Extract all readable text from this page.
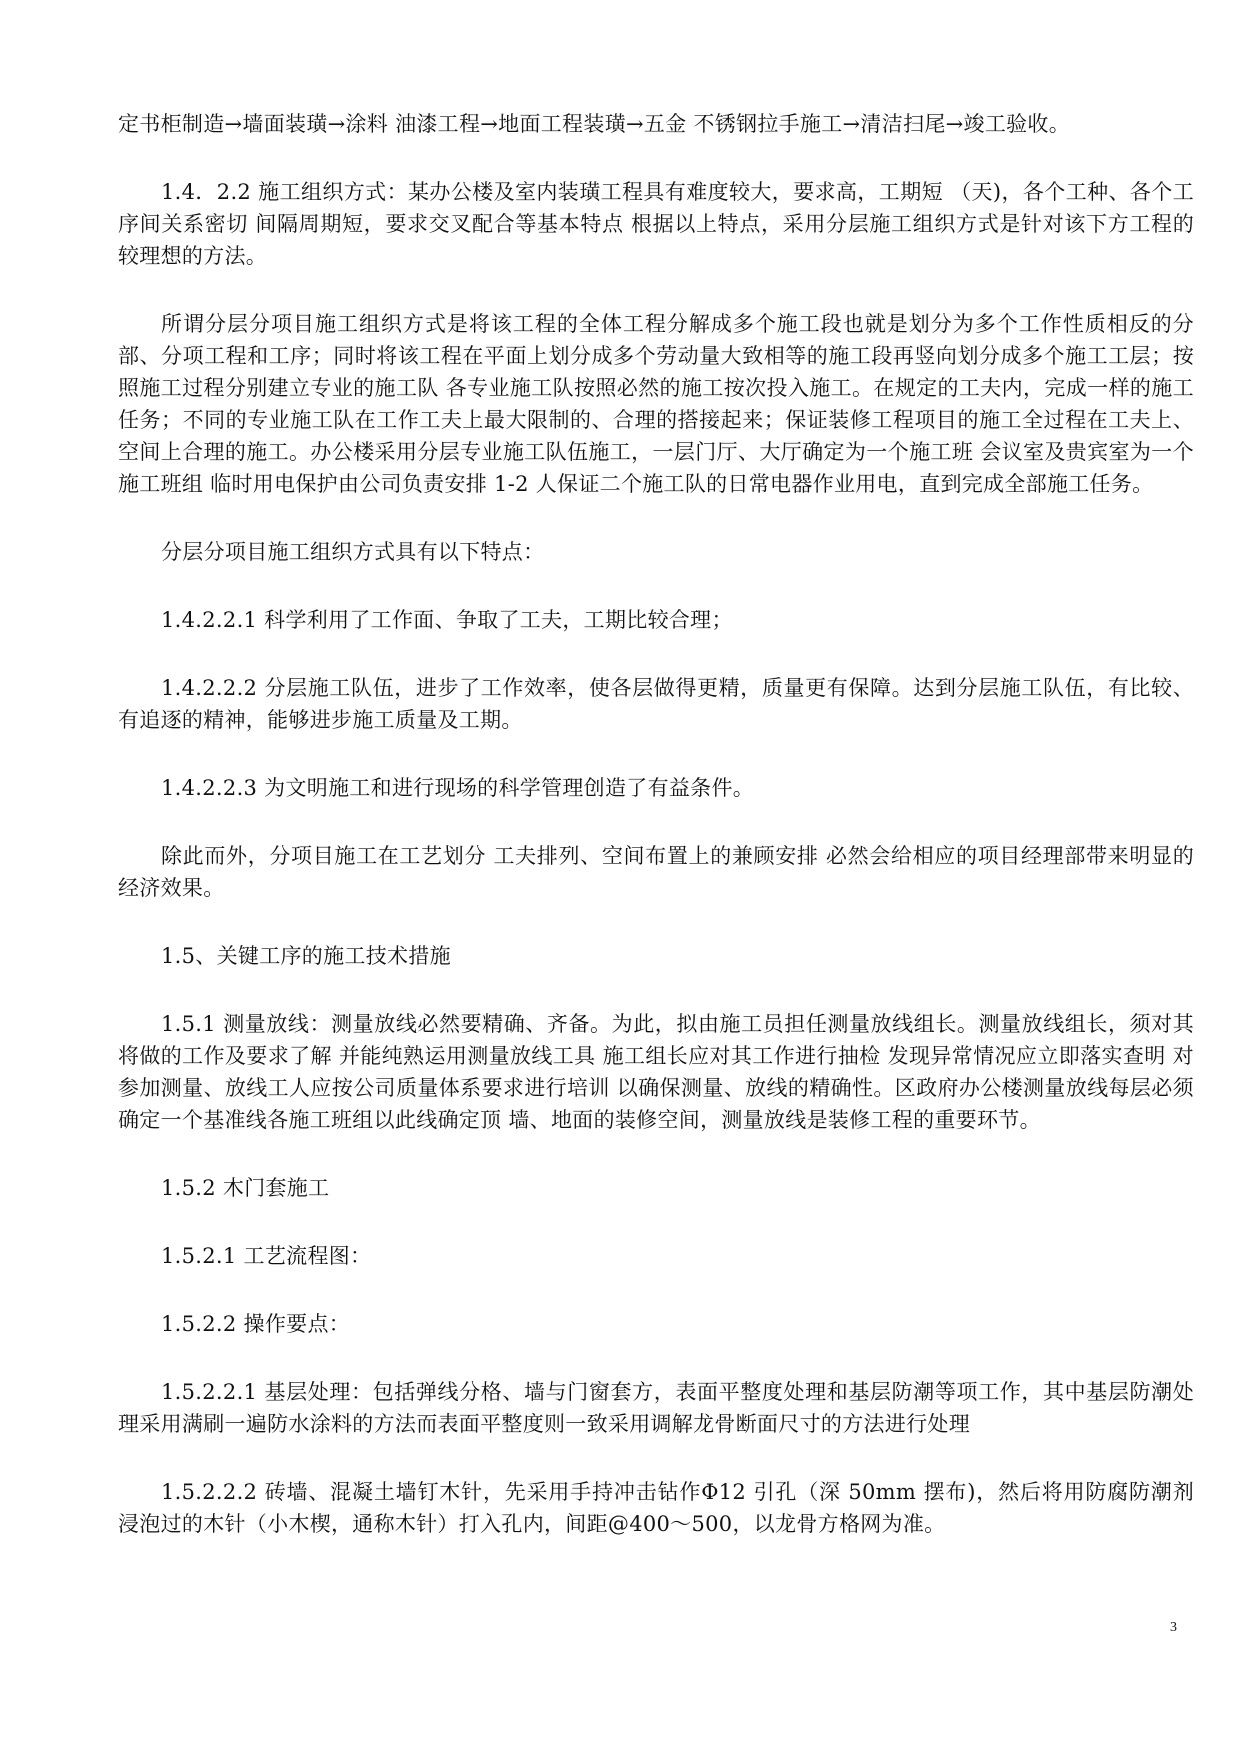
定书柜制造→墙面装璜→涂料 油漆工程→地面工程装璜→五金 不锈钢拉手施工→清洁扫尾→竣工验收。

1.4．2.2 施工组织方式：某办公楼及室内装璜工程具有难度较大，要求高，工期短 （天)，各个工种、各个工序间关系密切 间隔周期短，要求交叉配合等基本特点 根据以上特点，采用分层施工组织方式是针对该下方工程的较理想的方法。

所谓分层分项目施工组织方式是将该工程的全体工程分解成多个施工段也就是划分为多个工作性质相反的分部、分项工程和工序；同时将该工程在平面上划分成多个劳动量大致相等的施工段再竖向划分成多个施工工层；按照施工过程分别建立专业的施工队 各专业施工队按照必然的施工按次投入施工。在规定的工夫内，完成一样的施工任务；不同的专业施工队在工作工夫上最大限制的、合理的搭接起来；保证装修工程项目的施工全过程在工夫上、空间上合理的施工。办公楼采用分层专业施工队伍施工，一层门厅、大厅确定为一个施工班 会议室及贵宾室为一个施工班组 临时用电保护由公司负责安排 1-2 人保证二个施工队的日常电器作业用电，直到完成全部施工任务。

分层分项目施工组织方式具有以下特点：

1.4.2.2.1 科学利用了工作面、争取了工夫，工期比较合理；

1.4.2.2.2 分层施工队伍，进步了工作效率，使各层做得更精，质量更有保障。达到分层施工队伍，有比较、有追逐的精神，能够进步施工质量及工期。

1.4.2.2.3 为文明施工和进行现场的科学管理创造了有益条件。

除此而外，分项目施工在工艺划分 工夫排列、空间布置上的兼顾安排 必然会给相应的项目经理部带来明显的经济效果。

1.5、关键工序的施工技术措施

1.5.1 测量放线：测量放线必然要精确、齐备。为此，拟由施工员担任测量放线组长。测量放线组长，须对其将做的工作及要求了解 并能纯熟运用测量放线工具 施工组长应对其工作进行抽检 发现异常情况应立即落实查明 对参加测量、放线工人应按公司质量体系要求进行培训 以确保测量、放线的精确性。区政府办公楼测量放线每层必须确定一个基准线各施工班组以此线确定顶 墙、地面的装修空间，测量放线是装修工程的重要环节。

1.5.2 木门套施工

1.5.2.1 工艺流程图：

1.5.2.2 操作要点：

1.5.2.2.1 基层处理：包括弹线分格、墙与门窗套方，表面平整度处理和基层防潮等项工作，其中基层防潮处理采用满刷一遍防水涂料的方法而表面平整度则一致采用调解龙骨断面尺寸的方法进行处理

1.5.2.2.2 砖墙、混凝土墙钉木针，先采用手持冲击钻作Φ12 引孔（深 50mm 摆布)，然后将用防腐防潮剂浸泡过的木针（小木楔，通称木针）打入孔内，间距@400～500，以龙骨方格网为准。

3
